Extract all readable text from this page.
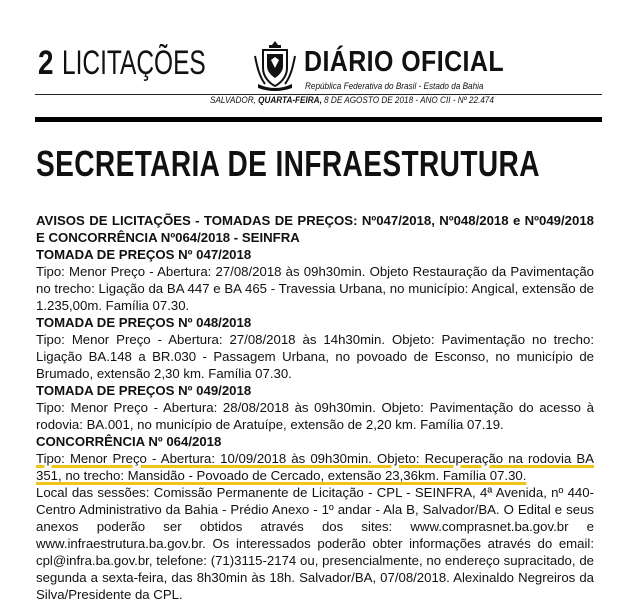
2 LICITAÇÕES	DIÁRIO OFICIAL
República Federativa do Brasil - Estado da Bahia
SALVADOR, QUARTA-FEIRA, 8 DE AGOSTO DE 2018 - ANO CII - Nº 22.474
SECRETARIA DE INFRAESTRUTURA

AVISOS DE LICITAÇÕES - TOMADAS DE PREÇOS: Nº047/2018, Nº048/2018 e Nº049/2018 E CONCORRÊNCIA Nº064/2018 - SEINFRA

TOMADA DE PREÇOS Nº 047/2018

Tipo: Menor Preço - Abertura: 27/08/2018 às 09h30min. Objeto Restauração da Pavimentação no trecho: Ligação da BA 447 e BA 465 - Travessia Urbana, no município: Angical, extensão de 1.235,00m. Família 07.30.

TOMADA DE PREÇOS Nº 048/2018

Tipo: Menor Preço - Abertura: 27/08/2018 às 14h30min. Objeto: Pavimentação no trecho: Ligação BA.148 a BR.030 - Passagem Urbana, no povoado de Esconso, no município de Brumado, extensão 2,30 km. Família 07.30.

TOMADA DE PREÇOS Nº 049/2018

Tipo: Menor Preço - Abertura: 28/08/2018 às 09h30min. Objeto: Pavimentação do acesso à rodovia: BA.001, no município de Aratuípe, extensão de 2,20 km. Família 07.19.

CONCORRÊNCIA Nº 064/2018

Tipo: Menor Preço - Abertura: 10/09/2018 às 09h30min. Objeto: Recuperação na rodovia BA 351, no trecho: Mansidão - Povoado de Cercado, extensão 23,36km. Família 07.30.

Local das sessões: Comissão Permanente de Licitação - CPL - SEINFRA, 4ª Avenida, nº 440- Centro Administrativo da Bahia - Prédio Anexo - 1º andar - Ala B, Salvador/BA. O Edital e seus anexos poderão ser obtidos através dos sites: www.comprasnet.ba.gov.br e www.infraestrutura.ba.gov.br. Os interessados poderão obter informações através do email: cpl@infra.ba.gov.br, telefone: (71)3115-2174 ou, presencialmente, no endereço supracitado, de segunda a sexta-feira, das 8h30min às 18h. Salvador/BA, 07/08/2018. Alexinaldo Negreiros da Silva/Presidente da CPL.
